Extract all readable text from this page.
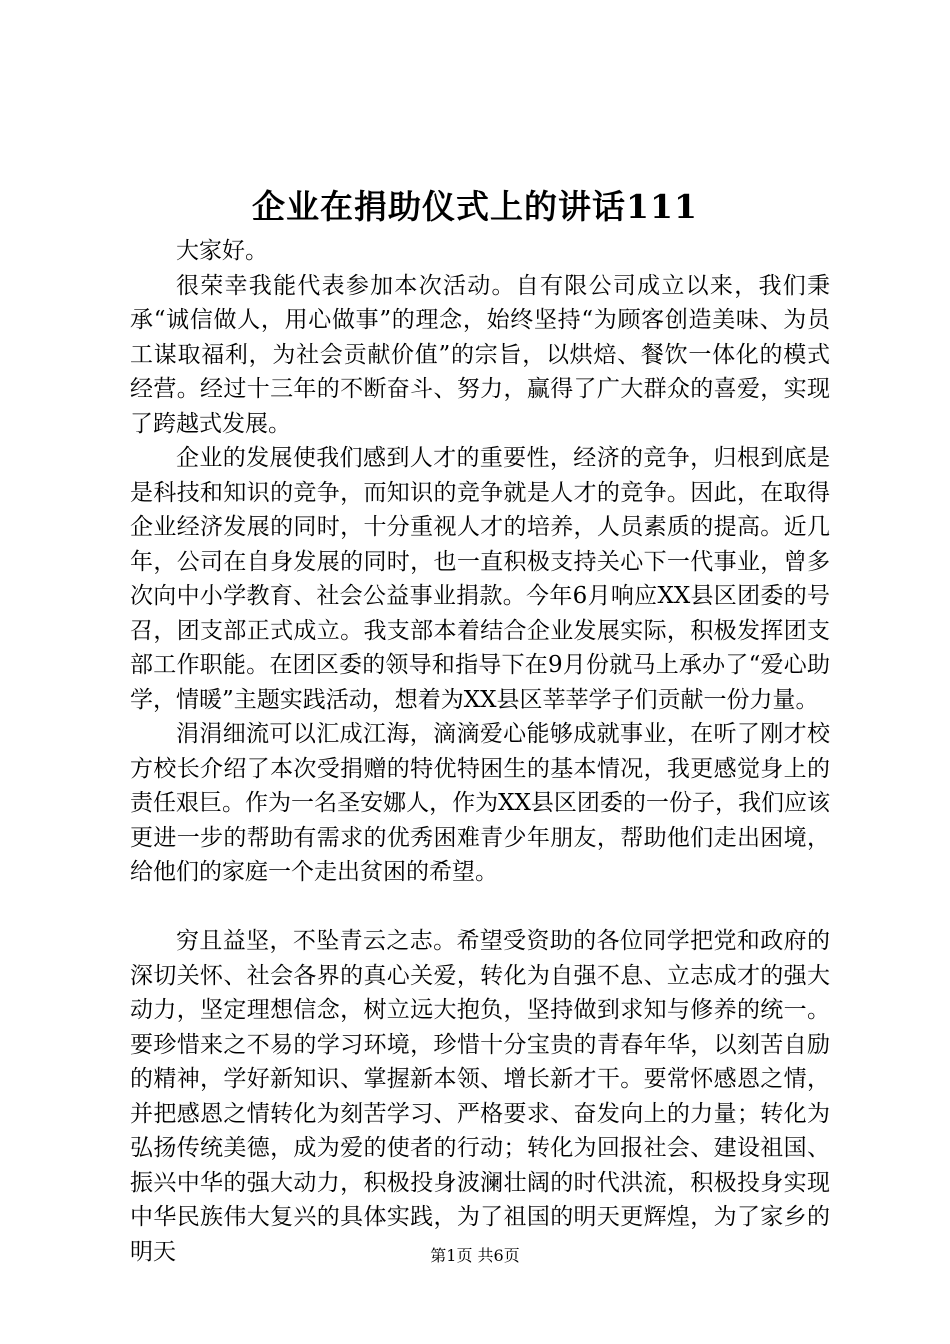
企业在捐助仪式上的讲话111

大家好。

很荣幸我能代表参加本次活动。自有限公司成立以来，我们秉承“诚信做人，用心做事”的理念，始终坚持“为顾客创造美味、为员工谋取福利，为社会贡献价值”的宗旨，以烘焙、餐饮一体化的模式经营。经过十三年的不断奋斗、努力，赢得了广大群众的喜爱，实现了跨越式发展。

企业的发展使我们感到人才的重要性，经济的竞争，归根到底是是科技和知识的竞争，而知识的竞争就是人才的竞争。因此，在取得企业经济发展的同时，十分重视人才的培养，人员素质的提高。近几年，公司在自身发展的同时，也一直积极支持关心下一代事业，曾多次向中小学教育、社会公益事业捐款。今年6月响应XX县区团委的号召，团支部正式成立。我支部本着结合企业发展实际，积极发挥团支部工作职能。在团区委的领导和指导下在9月份就马上承办了“爱心助学，情暖”主题实践活动，想着为XX县区莘莘学子们贡献一份力量。

涓涓细流可以汇成江海，滴滴爱心能够成就事业，在听了刚才校方校长介绍了本次受捐赠的特优特困生的基本情况，我更感觉身上的责任艰巨。作为一名圣安娜人，作为XX县区团委的一份子，我们应该更进一步的帮助有需求的优秀困难青少年朋友，帮助他们走出困境，给他们的家庭一个走出贫困的希望。

穷且益坚，不坠青云之志。希望受资助的各位同学把党和政府的深切关怀、社会各界的真心关爱，转化为自强不息、立志成才的强大动力，坚定理想信念，树立远大抱负，坚持做到求知与修养的统一。要珍惜来之不易的学习环境，珍惜十分宝贵的青春年华，以刻苦自励的精神，学好新知识、掌握新本领、增长新才干。要常怀感恩之情，并把感恩之情转化为刻苦学习、严格要求、奋发向上的力量；转化为弘扬传统美德，成为爱的使者的行动；转化为回报社会、建设祖国、振兴中华的强大动力，积极投身波澜壮阔的时代洪流，积极投身实现中华民族伟大复兴的具体实践，为了祖国的明天更辉煌，为了家乡的明天	第1页 共6页
